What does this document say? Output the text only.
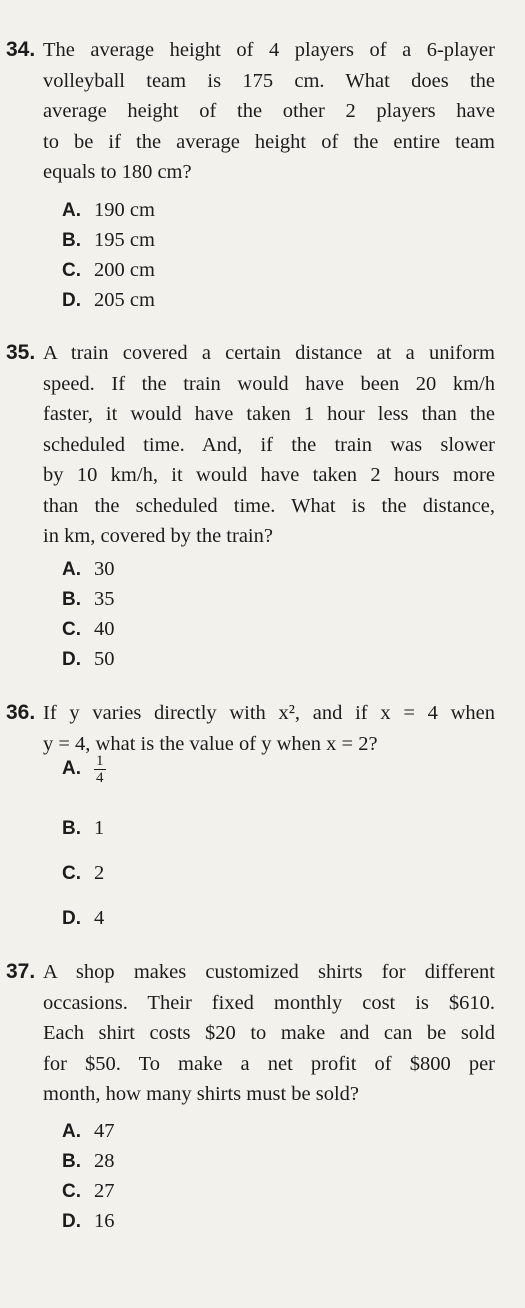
34. The average height of 4 players of a 6-player
volleyball team is 175 cm. What does the
average height of the other 2 players have
to be if the average height of the entire team
equals to 180 cm?
A. 190 cm
B. 195 cm
C. 200 cm
D. 205 cm
35. A train covered a certain distance at a uniform
speed. If the train would have been 20 km/h
faster, it would have taken 1 hour less than the
scheduled time. And, if the train was slower
by 10 km/h, it would have taken 2 hours more
than the scheduled time. What is the distance,
in km, covered by the train?
A. 30
B. 35
C. 40
D. 50
36. If y varies directly with x², and if x = 4 when
y = 4, what is the value of y when x = 2?
A. $\frac{1}{4}$
B. 1
C. 2
D. 4
37. A shop makes customized shirts for different
occasions. Their fixed monthly cost is $610.
Each shirt costs $20 to make and can be sold
for $50. To make a net profit of $800 per
month, how many shirts must be sold?
A. 47
B. 28
C. 27
D. 16
